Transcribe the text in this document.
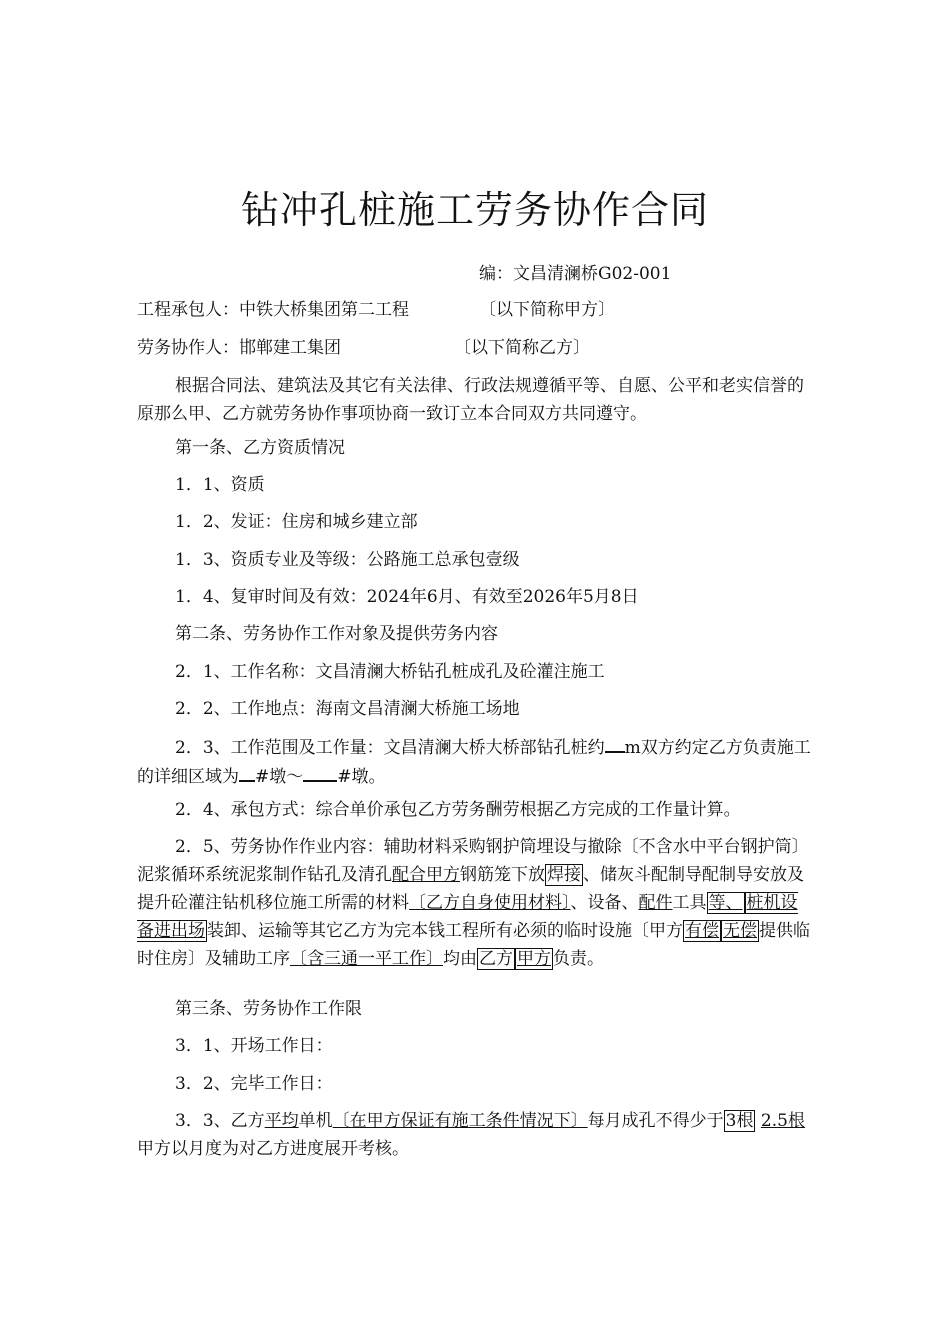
钻冲孔桩施工劳务协作合同
编：文昌清澜桥G02-001
工程承包人：中铁大桥集团第二工程	〔以下简称甲方〕
劳务协作人：邯郸建工集团	〔以下简称乙方〕
根据合同法、建筑法及其它有关法律、行政法规遵循平等、自愿、公平和老实信誉的原那么甲、乙方就劳务协作事项协商一致订立本合同双方共同遵守。
第一条、乙方资质情况
1．1、资质
1．2、发证：住房和城乡建立部
1．3、资质专业及等级：公路施工总承包壹级
1．4、复审时间及有效：2024年6月、有效至2026年5月8日
第二条、劳务协作工作对象及提供劳务内容
2．1、工作名称：文昌清澜大桥钻孔桩成孔及砼灌注施工
2．2、工作地点：海南文昌清澜大桥施工场地
2．3、工作范围及工作量：文昌清澜大桥大桥部钻孔桩约 m双方约定乙方负责施工的详细区域为 #墩～ #墩。
2．4、承包方式：综合单价承包乙方劳务酬劳根据乙方完成的工作量计算。
2．5、劳务协作作业内容：辅助材料采购钢护筒埋设与撤除〔不含水中平台钢护筒〕泥浆循环系统泥浆制作钻孔及清孔配合甲方钢筋笼下放 焊接 、储灰斗配制导配制导安放及提升砼灌注钻机移位施工所需的材料〔乙方自身使用材料〕、设备、配件工具 等、 桩机设备进出场 装卸、运输等其它乙方为完本钱工程所有必须的临时设施〔甲方 有偿 无偿 提供临时住房〕及辅助工序〔含三通一平工作〕均由 乙方 甲方 负责。
第三条、劳务协作工作限
3．1、开场工作日：
3．2、完毕工作日：
3．3、乙方平均单机〔在甲方保证有施工条件情况下〕每月成孔不得少于 3根 2.5根甲方以月度为对乙方进度展开考核。
